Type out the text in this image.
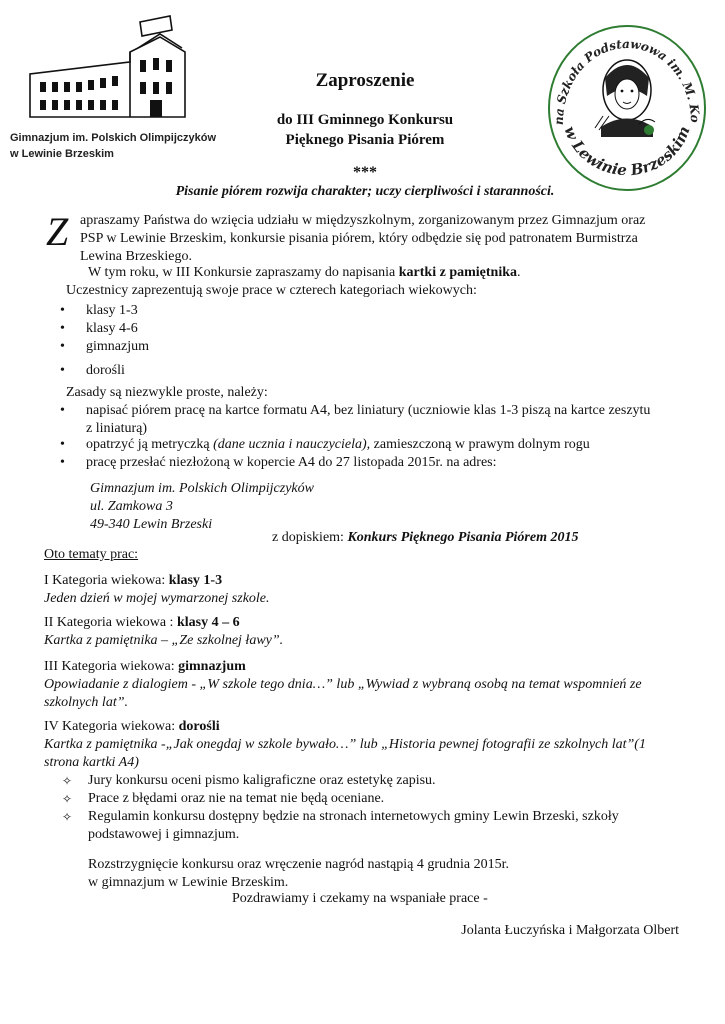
Gimnazjum im. Polskich Olimpijczyków
w Lewinie Brzeskim
na Szkoła Podstawowa im. M. Ko
w Lewinie Brzeskim
Zaproszenie
do III Gminnego Konkursu
Pięknego Pisania Piórem
***
Pisanie piórem rozwija charakter; uczy cierpliwości i staranności.
Z apraszamy Państwa do wzięcia udziału w międzyszkolnym, zorganizowanym przez Gimnazjum oraz
PSP w Lewinie Brzeskim, konkursie pisania piórem, który odbędzie się pod patronatem Burmistrza
Lewina Brzeskiego.
W tym roku, w III Konkursie zapraszamy do napisania kartki z pamiętnika.
Uczestnicy zaprezentują swoje prace w czterech kategoriach wiekowych:
• klasy 1-3
• klasy 4-6
• gimnazjum
• dorośli
Zasady są niezwykle proste, należy:
• napisać piórem pracę na kartce formatu A4, bez liniatury (uczniowie klas 1-3 piszą na kartce zeszytu
z liniaturą)
• opatrzyć ją metryczką (dane ucznia i nauczyciela), zamieszczoną w prawym dolnym rogu
• pracę przesłać niezłożoną w kopercie A4 do 27 listopada 2015r. na adres:
Gimnazjum im. Polskich Olimpijczyków
ul. Zamkowa 3
49-340 Lewin Brzeski
z dopiskiem: Konkurs Pięknego Pisania Piórem 2015
Oto tematy prac:
I Kategoria wiekowa: klasy 1-3
Jeden dzień w mojej wymarzonej szkole.
II Kategoria wiekowa : klasy 4 – 6
Kartka z pamiętnika – „Ze szkolnej ławy”.
III Kategoria wiekowa: gimnazjum
Opowiadanie z dialogiem - „W szkole tego dnia…” lub „Wywiad z wybraną osobą na temat wspomnień ze szkolnych lat”.
IV Kategoria wiekowa: dorośli
Kartka z pamiętnika -„Jak onegdaj w szkole bywało…” lub „Historia pewnej fotografii ze szkolnych lat”(1 strona kartki A4)
✧ Jury konkursu oceni pismo kaligraficzne oraz estetykę zapisu.
✧ Prace z błędami oraz nie na temat nie będą oceniane.
✧ Regulamin konkursu dostępny będzie na stronach internetowych gminy Lewin Brzeski, szkoły podstawowej i gimnazjum.
Rozstrzygnięcie konkursu oraz wręczenie nagród nastąpią 4 grudnia 2015r.
w gimnazjum w Lewinie Brzeskim.
Pozdrawiamy i czekamy na wspaniałe prace -
Jolanta Łuczyńska i Małgorzata Olbert
